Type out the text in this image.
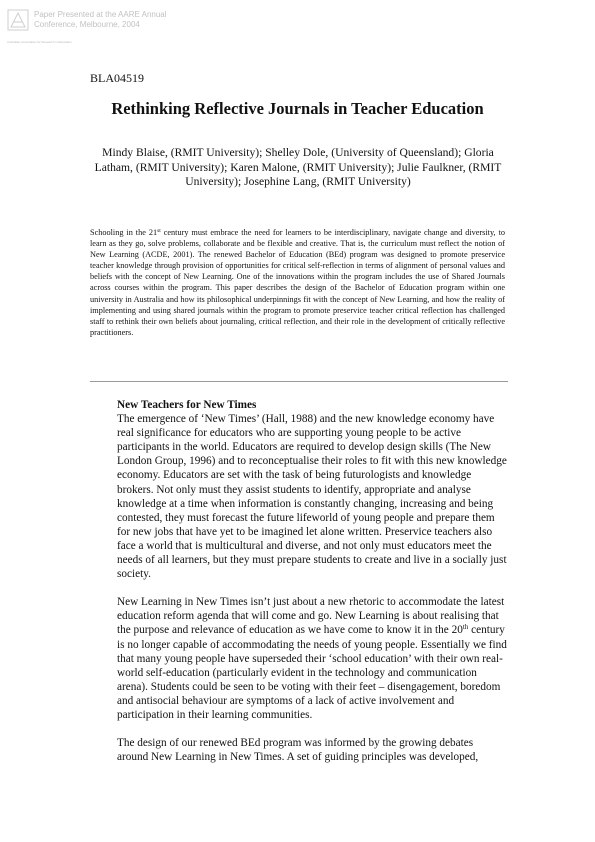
Australian Association for Research in Education
Paper Presented at the AARE Annual
Conference, Melbourne, 2004
BLA04519
Rethinking Reflective Journals in Teacher Education
Mindy Blaise, (RMIT University); Shelley Dole, (University of Queensland); Gloria Latham, (RMIT University); Karen Malone, (RMIT University); Julie Faulkner, (RMIT University); Josephine Lang, (RMIT University)
Schooling in the 21st century must embrace the need for learners to be interdisciplinary, navigate change and diversity, to learn as they go, solve problems, collaborate and be flexible and creative. That is, the curriculum must reflect the notion of New Learning (ACDE, 2001). The renewed Bachelor of Education (BEd) program was designed to promote preservice teacher knowledge through provision of opportunities for critical self-reflection in terms of alignment of personal values and beliefs with the concept of New Learning. One of the innovations within the program includes the use of Shared Journals across courses within the program. This paper describes the design of the Bachelor of Education program within one university in Australia and how its philosophical underpinnings fit with the concept of New Learning, and how the reality of implementing and using shared journals within the program to promote preservice teacher critical reflection has challenged staff to rethink their own beliefs about journaling, critical reflection, and their role in the development of critically reflective practitioners.
New Teachers for New Times

The emergence of ‘New Times’ (Hall, 1988) and the new knowledge economy have real significance for educators who are supporting young people to be active participants in the world. Educators are required to develop design skills (The New London Group, 1996) and to reconceptualise their roles to fit with this new knowledge economy. Educators are set with the task of being futurologists and knowledge brokers. Not only must they assist students to identify, appropriate and analyse knowledge at a time when information is constantly changing, increasing and being contested, they must forecast the future lifeworld of young people and prepare them for new jobs that have yet to be imagined let alone written. Preservice teachers also face a world that is multicultural and diverse, and not only must educators meet the needs of all learners, but they must prepare students to create and live in a socially just society.

New Learning in New Times isn’t just about a new rhetoric to accommodate the latest education reform agenda that will come and go. New Learning is about realising that the purpose and relevance of education as we have come to know it in the 20th century is no longer capable of accommodating the needs of young people. Essentially we find that many young people have superseded their ‘school education’ with their own real-world self-education (particularly evident in the technology and communication arena). Students could be seen to be voting with their feet – disengagement, boredom and antisocial behaviour are symptoms of a lack of active involvement and participation in their learning communities.

The design of our renewed BEd program was informed by the growing debates around New Learning in New Times. A set of guiding principles was developed,
